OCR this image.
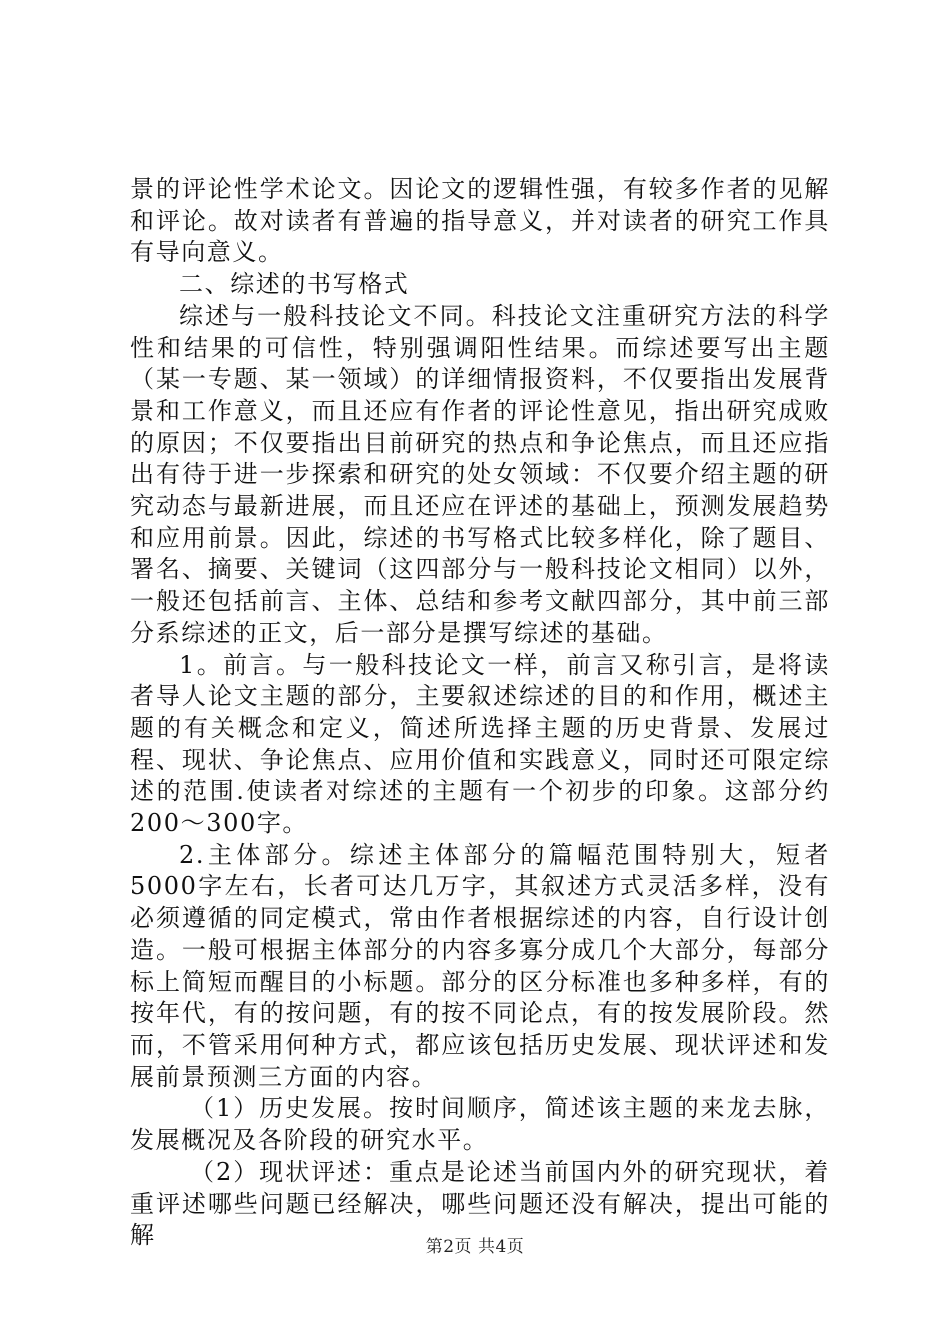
景的评论性学术论文。因论文的逻辑性强，有较多作者的见解和评论。故对读者有普遍的指导意义，并对读者的研究工作具有导向意义。

二、综述的书写格式

综述与一般科技论文不同。科技论文注重研究方法的科学性和结果的可信性，特别强调阳性结果。而综述要写出主题（某一专题、某一领域）的详细情报资料，不仅要指出发展背景和工作意义，而且还应有作者的评论性意见，指出研究成败的原因；不仅要指出目前研究的热点和争论焦点，而且还应指出有待于进一步探索和研究的处女领域：不仅要介绍主题的研究动态与最新进展，而且还应在评述的基础上，预测发展趋势和应用前景。因此，综述的书写格式比较多样化，除了题目、署名、摘要、关键词（这四部分与一般科技论文相同）以外，一般还包括前言、主体、总结和参考文献四部分，其中前三部分系综述的正文，后一部分是撰写综述的基础。

1。前言。与一般科技论文一样，前言又称引言，是将读者导人论文主题的部分，主要叙述综述的目的和作用，概述主题的有关概念和定义，简述所选择主题的历史背景、发展过程、现状、争论焦点、应用价值和实践意义，同时还可限定综述的范围.使读者对综述的主题有一个初步的印象。这部分约200～300字。

2.主体部分。综述主体部分的篇幅范围特别大，短者5000字左右，长者可达几万字，其叙述方式灵活多样，没有必须遵循的同定模式，常由作者根据综述的内容，自行设计创造。一般可根据主体部分的内容多寡分成几个大部分，每部分标上简短而醒目的小标题。部分的区分标准也多种多样，有的按年代，有的按问题，有的按不同论点，有的按发展阶段。然而，不管采用何种方式，都应该包括历史发展、现状评述和发展前景预测三方面的内容。

（1）历史发展。按时间顺序，简述该主题的来龙去脉，发展概况及各阶段的研究水平。

（2）现状评述：重点是论述当前国内外的研究现状，着重评述哪些问题已经解决，哪些问题还没有解决，提出可能的解	第2页 共4页
